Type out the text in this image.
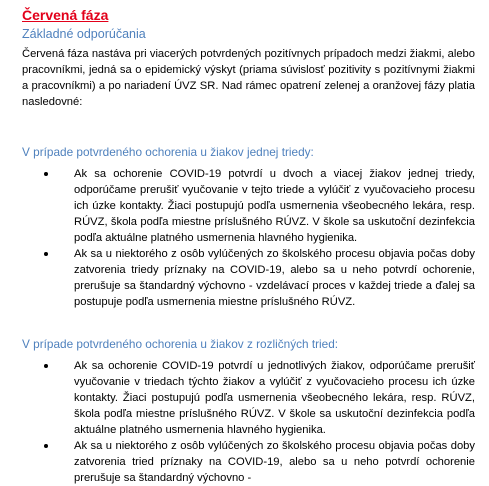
Červená fáza
Základné odporúčania

Červená fáza nastáva pri viacerých potvrdených pozitívnych prípadoch medzi žiakmi, alebo pracovníkmi, jedná sa o epidemický výskyt (priama súvislosť pozitivity s pozitívnymi žiakmi a pracovníkmi) a po nariadení ÚVZ SR. Nad rámec opatrení zelenej a oranžovej fázy platia nasledovné:

V prípade potvrdeného ochorenia u žiakov jednej triedy:
Ak sa ochorenie COVID-19 potvrdí u dvoch a viacej žiakov jednej triedy, odporúčame prerušiť vyučovanie v tejto triede a vylúčiť z vyučovacieho procesu ich úzke kontakty. Žiaci postupujú podľa usmernenia všeobecného lekára, resp. RÚVZ, škola podľa miestne príslušného RÚVZ. V škole sa uskutoční dezinfekcia podľa aktuálne platného usmernenia hlavného hygienika.
Ak sa u niektorého z osôb vylúčených zo školského procesu objavia počas doby zatvorenia triedy príznaky na COVID-19, alebo sa u neho potvrdí ochorenie, prerušuje sa štandardný výchovno - vzdelávací proces v každej triede a ďalej sa postupuje podľa usmernenia miestne príslušného RÚVZ.
V prípade potvrdeného ochorenia u žiakov z rozličných tried:
Ak sa ochorenie COVID-19 potvrdí u jednotlivých žiakov, odporúčame prerušiť vyučovanie v triedach týchto žiakov a vylúčiť z vyučovacieho procesu ich úzke kontakty. Žiaci postupujú podľa usmernenia všeobecného lekára, resp. RÚVZ, škola podľa miestne príslušného RÚVZ. V škole sa uskutoční dezinfekcia podľa aktuálne platného usmernenia hlavného hygienika.
Ak sa u niektorého z osôb vylúčených zo školského procesu objavia počas doby zatvorenia tried príznaky na COVID-19, alebo sa u neho potvrdí ochorenie prerušuje sa štandardný výchovno -
